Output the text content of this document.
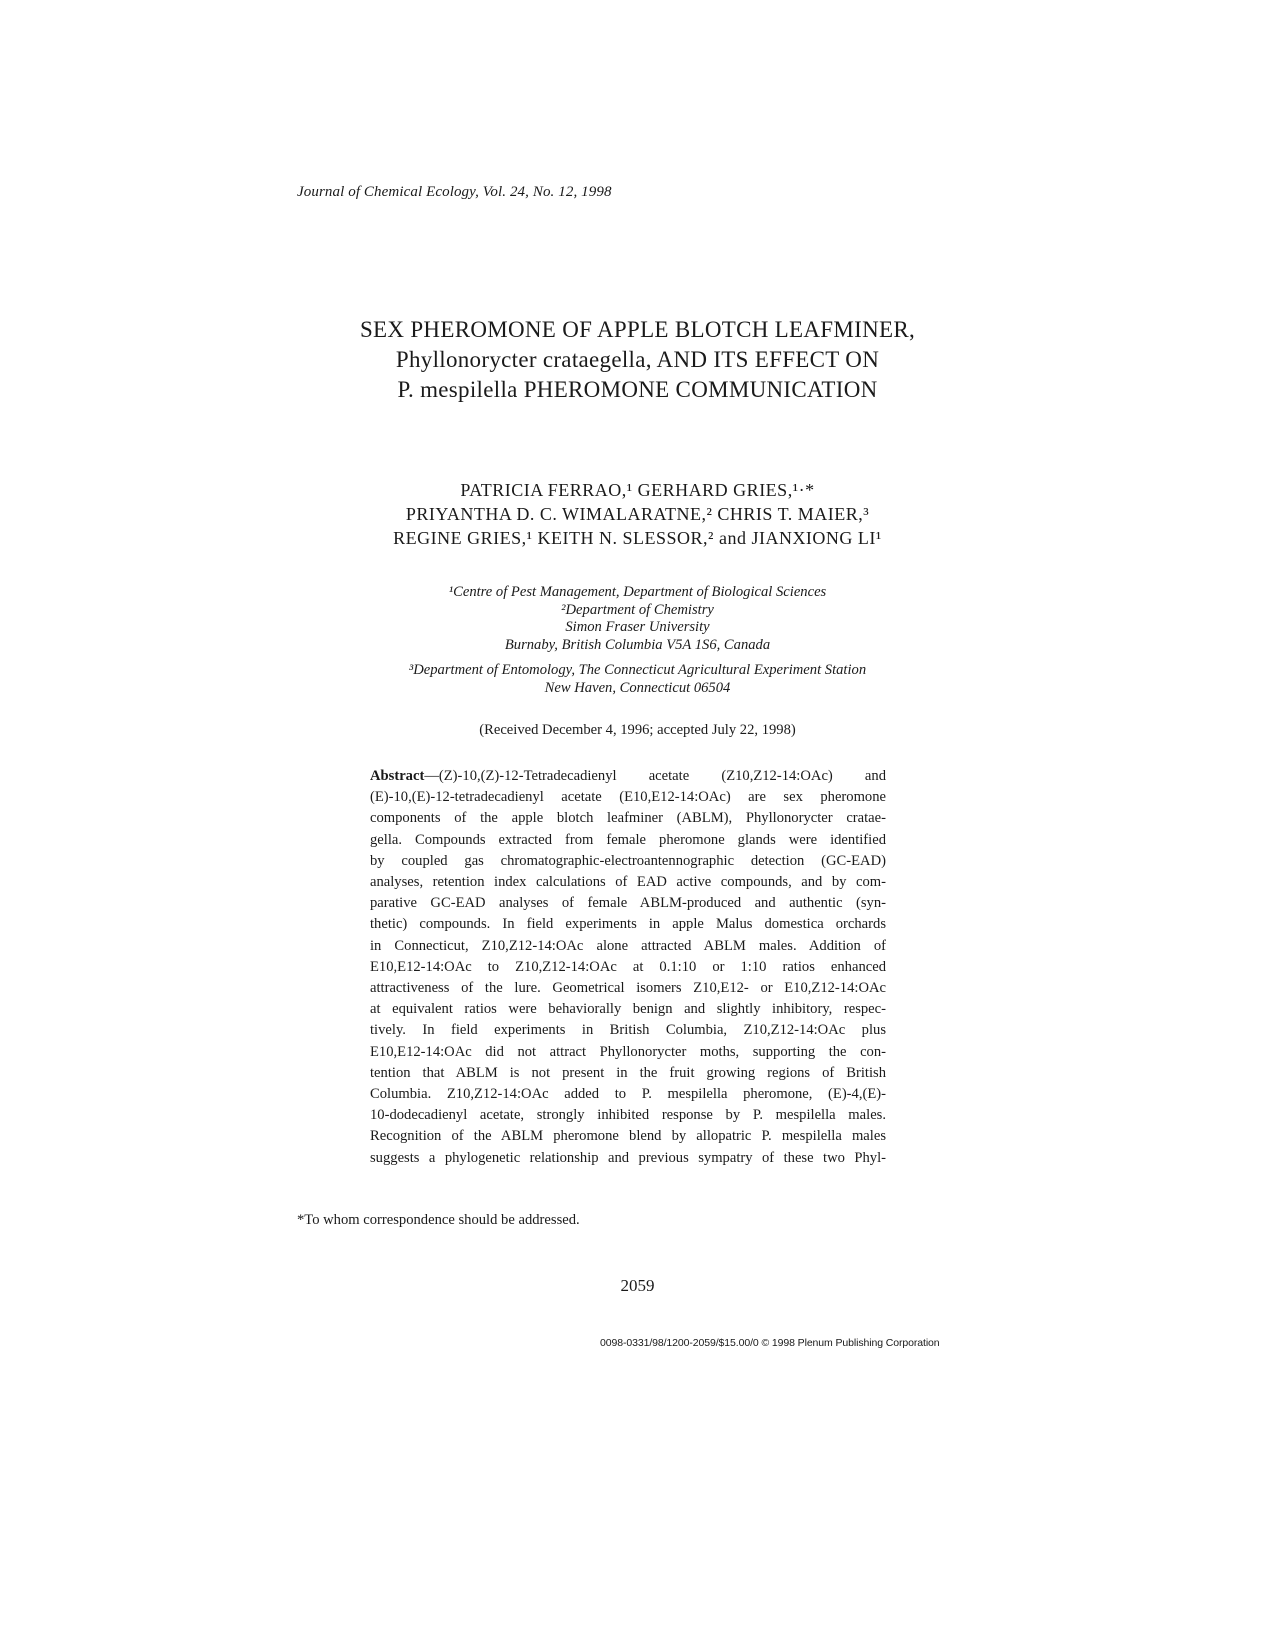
Journal of Chemical Ecology, Vol. 24, No. 12, 1998
SEX PHEROMONE OF APPLE BLOTCH LEAFMINER,
Phyllonorycter crataegella, AND ITS EFFECT ON
P. mespilella PHEROMONE COMMUNICATION
PATRICIA FERRAO,¹ GERHARD GRIES,¹·*
PRIYANTHA D. C. WIMALARATNE,² CHRIS T. MAIER,³
REGINE GRIES,¹ KEITH N. SLESSOR,² and JIANXIONG LI¹
¹Centre of Pest Management, Department of Biological Sciences
²Department of Chemistry
Simon Fraser University
Burnaby, British Columbia V5A 1S6, Canada
³Department of Entomology, The Connecticut Agricultural Experiment Station
New Haven, Connecticut 06504
(Received December 4, 1996; accepted July 22, 1998)
Abstract—(Z)-10,(Z)-12-Tetradecadienyl acetate (Z10,Z12-14:OAc) and
(E)-10,(E)-12-tetradecadienyl acetate (E10,E12-14:OAc) are sex pheromone
components of the apple blotch leafminer (ABLM), Phyllonorycter cratae-
gella. Compounds extracted from female pheromone glands were identified
by coupled gas chromatographic-electroantennographic detection (GC-EAD)
analyses, retention index calculations of EAD active compounds, and by com-
parative GC-EAD analyses of female ABLM-produced and authentic (syn-
thetic) compounds. In field experiments in apple Malus domestica orchards
in Connecticut, Z10,Z12-14:OAc alone attracted ABLM males. Addition of
E10,E12-14:OAc to Z10,Z12-14:OAc at 0.1:10 or 1:10 ratios enhanced
attractiveness of the lure. Geometrical isomers Z10,E12- or E10,Z12-14:OAc
at equivalent ratios were behaviorally benign and slightly inhibitory, respec-
tively. In field experiments in British Columbia, Z10,Z12-14:OAc plus
E10,E12-14:OAc did not attract Phyllonorycter moths, supporting the con-
tention that ABLM is not present in the fruit growing regions of British
Columbia. Z10,Z12-14:OAc added to P. mespilella pheromone, (E)-4,(E)-
10-dodecadienyl acetate, strongly inhibited response by P. mespilella males.
Recognition of the ABLM pheromone blend by allopatric P. mespilella males
suggests a phylogenetic relationship and previous sympatry of these two Phyl-
*To whom correspondence should be addressed.
2059
0098-0331/98/1200-2059/$15.00/0 © 1998 Plenum Publishing Corporation
